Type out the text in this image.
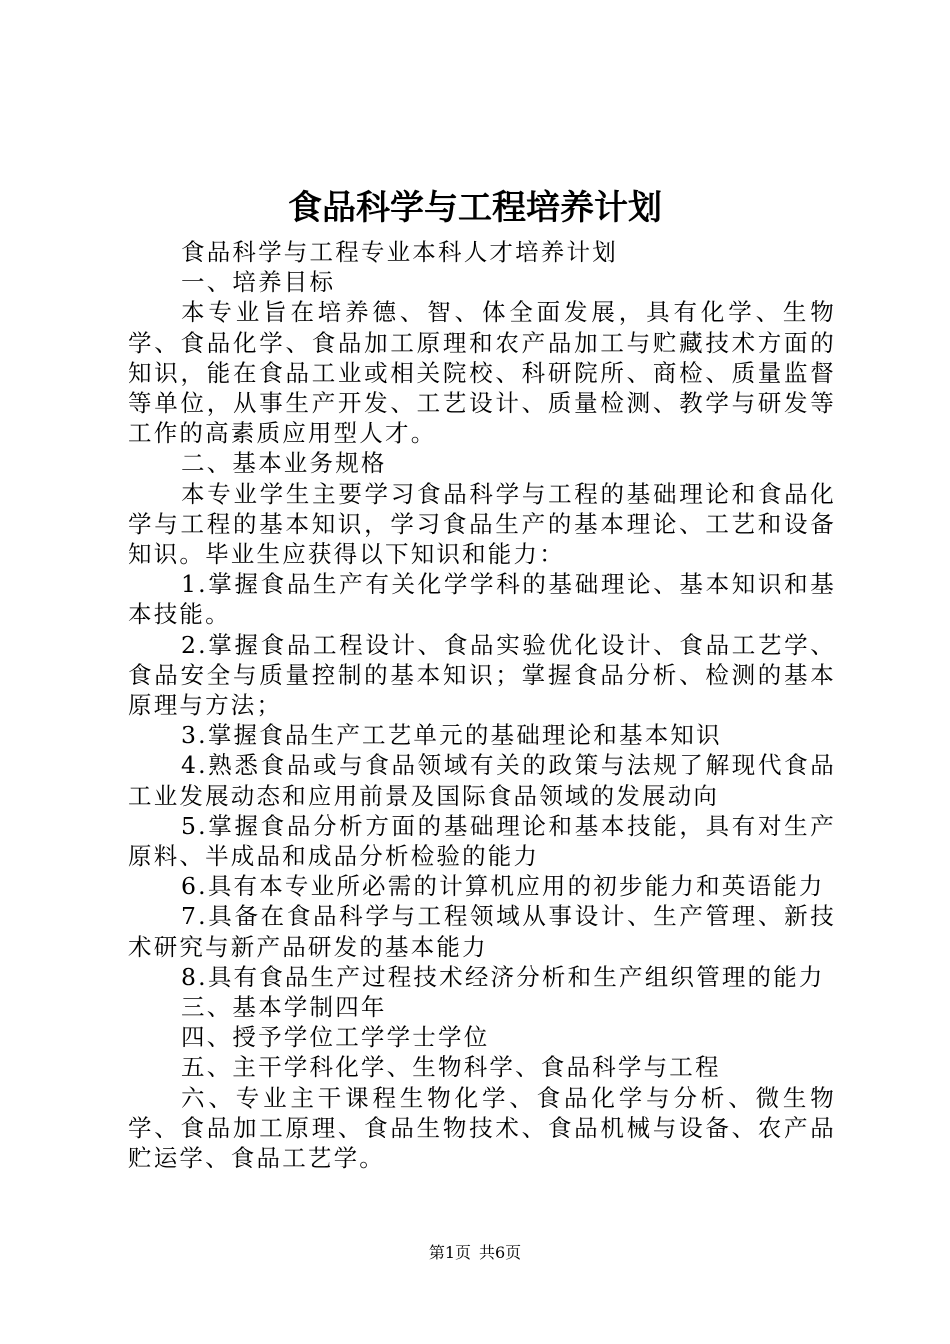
食品科学与工程培养计划

食品科学与工程专业本科人才培养计划

一、培养目标

本专业旨在培养德、智、体全面发展，具有化学、生物学、食品化学、食品加工原理和农产品加工与贮藏技术方面的知识，能在食品工业或相关院校、科研院所、商检、质量监督等单位，从事生产开发、工艺设计、质量检测、教学与研发等工作的高素质应用型人才。

二、基本业务规格

本专业学生主要学习食品科学与工程的基础理论和食品化学与工程的基本知识，学习食品生产的基本理论、工艺和设备知识。毕业生应获得以下知识和能力：

1.掌握食品生产有关化学学科的基础理论、基本知识和基本技能。

2.掌握食品工程设计、食品实验优化设计、食品工艺学、食品安全与质量控制的基本知识；掌握食品分析、检测的基本原理与方法；

3.掌握食品生产工艺单元的基础理论和基本知识

4.熟悉食品或与食品领域有关的政策与法规了解现代食品工业发展动态和应用前景及国际食品领域的发展动向

5.掌握食品分析方面的基础理论和基本技能，具有对生产原料、半成品和成品分析检验的能力

6.具有本专业所必需的计算机应用的初步能力和英语能力

7.具备在食品科学与工程领域从事设计、生产管理、新技术研究与新产品研发的基本能力

8.具有食品生产过程技术经济分析和生产组织管理的能力

三、基本学制四年

四、授予学位工学学士学位

五、主干学科化学、生物科学、食品科学与工程

六、专业主干课程生物化学、食品化学与分析、微生物学、食品加工原理、食品生物技术、食品机械与设备、农产品贮运学、食品工艺学。

第1页 共6页
